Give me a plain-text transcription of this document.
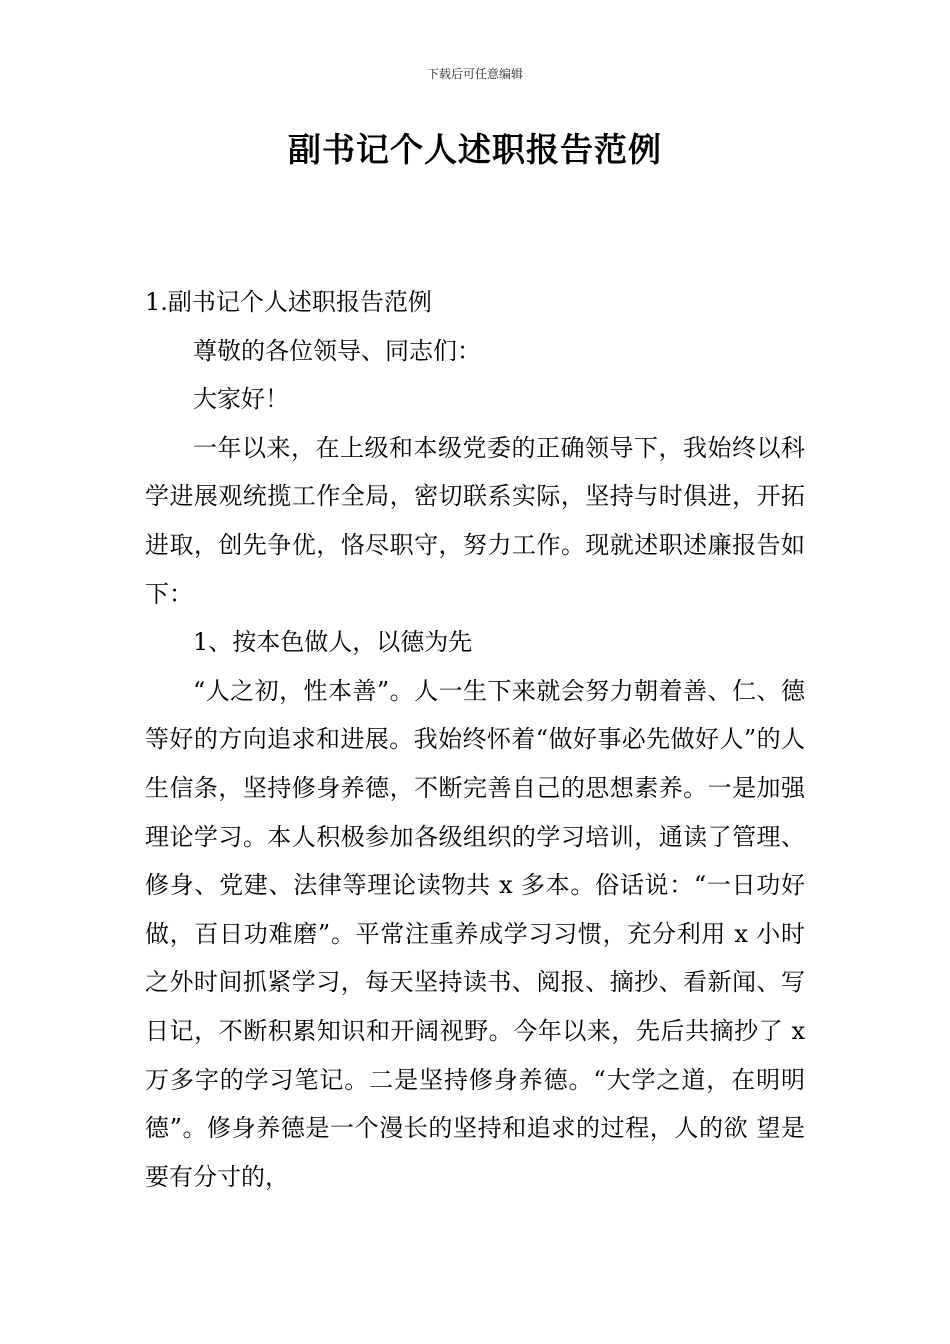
下载后可任意编辑
副书记个人述职报告范例

1.副书记个人述职报告范例

尊敬的各位领导、同志们：

大家好！

一年以来，在上级和本级党委的正确领导下，我始终以科学进展观统揽工作全局，密切联系实际，坚持与时俱进，开拓进取，创先争优，恪尽职守，努力工作。现就述职述廉报告如下：

1、按本色做人，以德为先

“人之初，性本善”。人一生下来就会努力朝着善、仁、德等好的方向追求和进展。我始终怀着“做好事必先做好人”的人生信条，坚持修身养德，不断完善自己的思想素养。一是加强理论学习。本人积极参加各级组织的学习培训，通读了管理、修身、党建、法律等理论读物共 x 多本。俗话说：“一日功好做，百日功难磨”。平常注重养成学习习惯，充分利用 x 小时之外时间抓紧学习，每天坚持读书、阅报、摘抄、看新闻、写日记，不断积累知识和开阔视野。今年以来，先后共摘抄了 x 万多字的学习笔记。二是坚持修身养德。“大学之道，在明明德”。修身养德是一个漫长的坚持和追求的过程，人的欲 望是要有分寸的，
